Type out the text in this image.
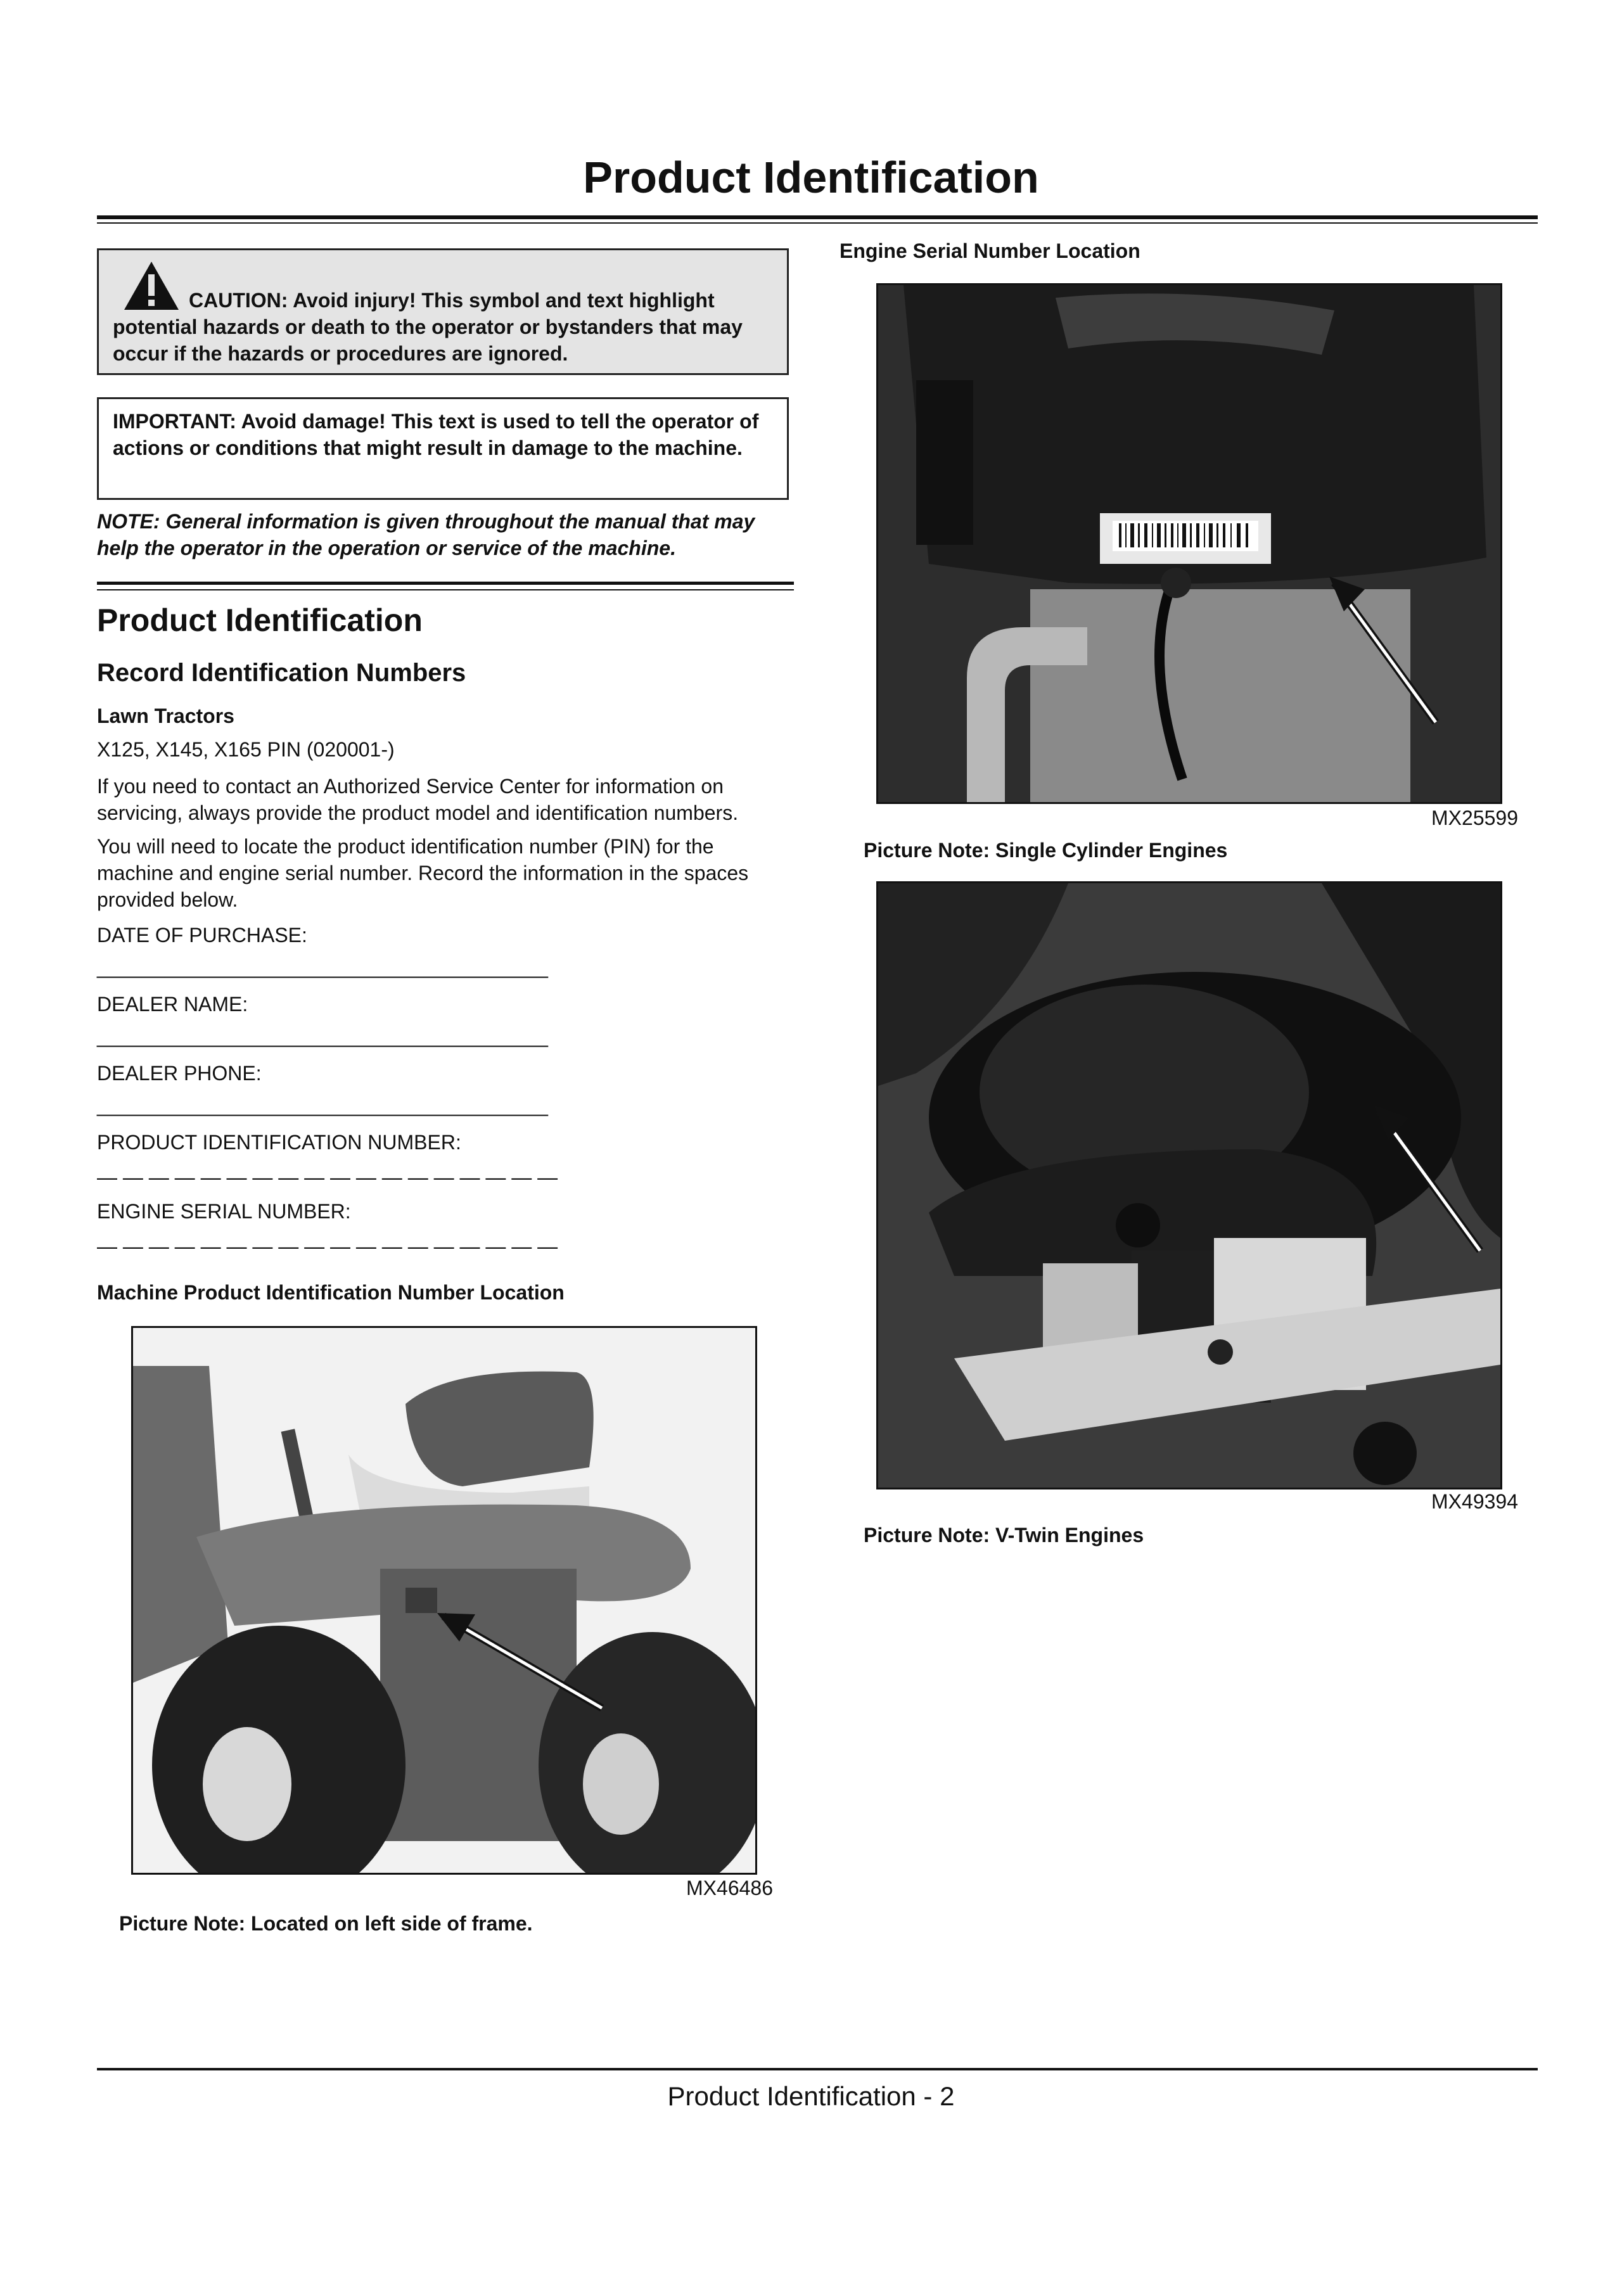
Product Identification
CAUTION: Avoid injury! This symbol and text highlight potential hazards or death to the operator or bystanders that may occur if the hazards or procedures are ignored.
IMPORTANT: Avoid damage! This text is used to tell the operator of actions or conditions that might result in damage to the machine.
NOTE: General information is given throughout the manual that may help the operator in the operation or service of the machine.
Product Identification
Record Identification Numbers
Lawn Tractors
X125, X145, X165 PIN (020001-)
If you need to contact an Authorized Service Center for information on servicing, always provide the product model and identification numbers.
You will need to locate the product identification number (PIN) for the machine and engine serial number. Record the information in the spaces provided below.
DATE OF PURCHASE:
________________________________________
DEALER NAME:
________________________________________
DEALER PHONE:
________________________________________
PRODUCT IDENTIFICATION NUMBER:
— — — — — — — — — — — — — — — — — —
ENGINE SERIAL NUMBER:
— — — — — — — — — — — — — — — — — —
Machine Product Identification Number Location
MX46486
Picture Note: Located on left side of frame.
Engine Serial Number Location
MX25599
Picture Note: Single Cylinder Engines
MX49394
Picture Note: V-Twin Engines
Product Identification - 2
